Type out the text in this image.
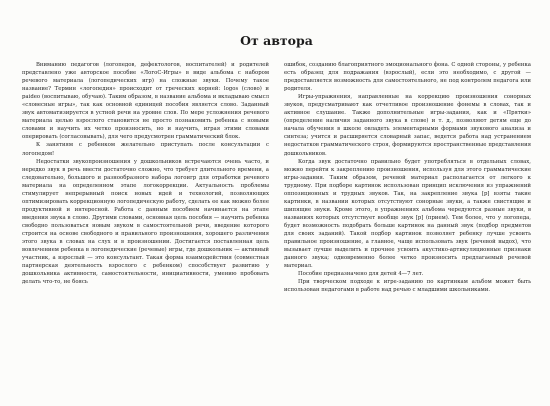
От автора

Вниманию педагогов (логопедов, дефектологов, воспитателей) и родителей представлено уже авторское пособие «ЛогоС-Игры» в виде альбома с набором речевого материала (логопедических игр) на сложные звуки. Почему такое название? Термин «логопедия» происходит от греческих корней: logos (слово) и paideo (воспитываю, обучаю). Таким образом, в название альбома и вкладываю смысл «словесные игры», так как основной единицей пособия является слово. Заданный звук автоматизируется в устной речи на уровне слов. По мере усложнения речевого материала целью взрослого становится не просто познакомить ребенка с новыми словами и научить их четко произносить, но и научить, играя этими словами оперировать (согласовывать), для чего предусмотрен грамматический блок.

К занятиям с ребенком желательно приступать после консультации с логопедом!

Недостатки звукопроизношения у дошкольников встречаются очень часто, и нередко звук в речь ввести достаточно сложно, что требует длительного времени, а следовательно, большого и разнообразного набора логоигр для отработки речевого материала на определенном этапе логокоррекции. Актуальность проблемы стимулирует непрерывный поиск новых идей и технологий, позволяющих оптимизировать коррекционную логопедическую работу, сделать ее как можно более продуктивной и интересной. Работа с данным пособием начинается на этапе введения звука в слово. Другими словами, основная цель пособия — научить ребенка свободно пользоваться новым звуком в самостоятельной речи, введение которого строится на основе свободного и правильного произношения, хорошего различения этого звука в словах на слух и в произношении. Достигается поставленная цель вовлечением ребенка в логопедические (речевые) игры, где дошкольник — активный участник, а взрослый — это консультант. Такая форма взаимодействия (совместная партнерская деятельность взрослого с ребенком) способствует развитию у дошкольника активности, самостоятельности, инициативности, умению пробовать делать что-то, не боясь

ошибок, созданию благоприятного эмоционального фона. С одной стороны, у ребенка есть образец для подражания (взрослый), если это необходимо, с другой — предоставляется возможность для самостоятельного, не под контролем педагога или родителя.

Игры-упражнения, направленные на коррекцию произношения сонорных звуков, предусматривают как отчетливое произношение фонемы в словах, так и активное слушание. Также дополнительные игры-задания, как и «Прятки» (определение наличия заданного звука в слове) и т. д., позволяют детям еще до начала обучения в школе овладеть элементарными формами звукового анализа и синтеза; учится и расширяется словарный запас, ведется работа над устранением недостатков грамматического строя, формируются пространственные представления дошкольников.

Когда звук достаточно правильно будет употребляться в отдельных словах, можно перейти к закреплению произношения, используя для этого грамматические игры-задания. Таким образом, речевой материал располагается от легкого к трудному. При подборе картинок использован принцип исключения из упражнений оппозиционных и трудных звуков. Так, на закрепление звука [р] взяты такие картинки, в названии которых отсутствуют сонорные звуки, а также свистящие и шипящие звуки. Кроме этого, в упражнениях альбома чередуются разные звуки, в названиях которых отсутствует вообще звук [р] (прием). Тем более, что у логопеда, будет возможность подобрать больше картинок на данный звук (подбор предметов для своих заданий). Такой подбор картинок позволяет ребенку лучше усвоить правильное произношение, а главное, чаще использовать звук (речевой выдох), что вызывает лучше выделить и прочнее усвоить акустико-артикуляционные признаки данного звука; одновременно более четко произносить предлагаемый речевой материал.

Пособие предназначено для детей 4—7 лет.

При творческом подходе к игре-заданию по картинкам альбом может быть использован педагогами в работе над речью с младшими школьниками.
